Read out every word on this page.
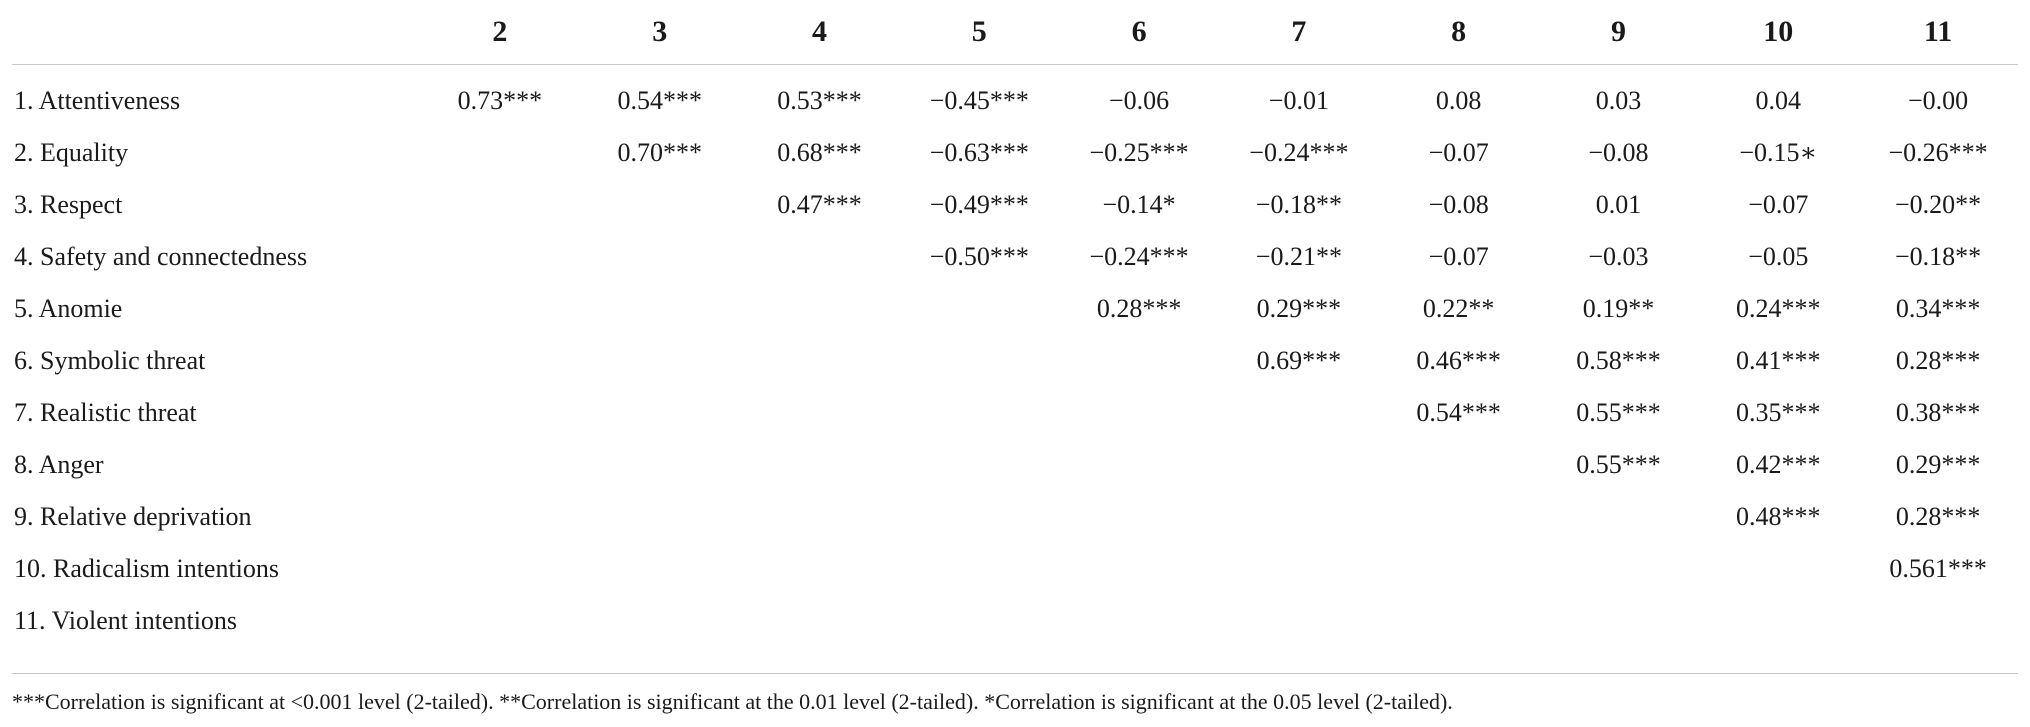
	2	3	4	5	6	7	8	9	10	11
1. Attentiveness	0.73***	0.54***	0.53***	−0.45***	−0.06	−0.01	0.08	0.03	0.04	−0.00
2. Equality		0.70***	0.68***	−0.63***	−0.25***	−0.24***	−0.07	−0.08	−0.15∗	−0.26***
3. Respect			0.47***	−0.49***	−0.14*	−0.18**	−0.08	0.01	−0.07	−0.20**
4. Safety and connectedness				−0.50***	−0.24***	−0.21**	−0.07	−0.03	−0.05	−0.18**
5. Anomie					0.28***	0.29***	0.22**	0.19**	0.24***	0.34***
6. Symbolic threat						0.69***	0.46***	0.58***	0.41***	0.28***
7. Realistic threat							0.54***	0.55***	0.35***	0.38***
8. Anger								0.55***	0.42***	0.29***
9. Relative deprivation									0.48***	0.28***
10. Radicalism intentions										0.561***
11. Violent intentions										
***Correlation is significant at <0.001 level (2-tailed). **Correlation is significant at the 0.01 level (2-tailed). *Correlation is significant at the 0.05 level (2-tailed).
